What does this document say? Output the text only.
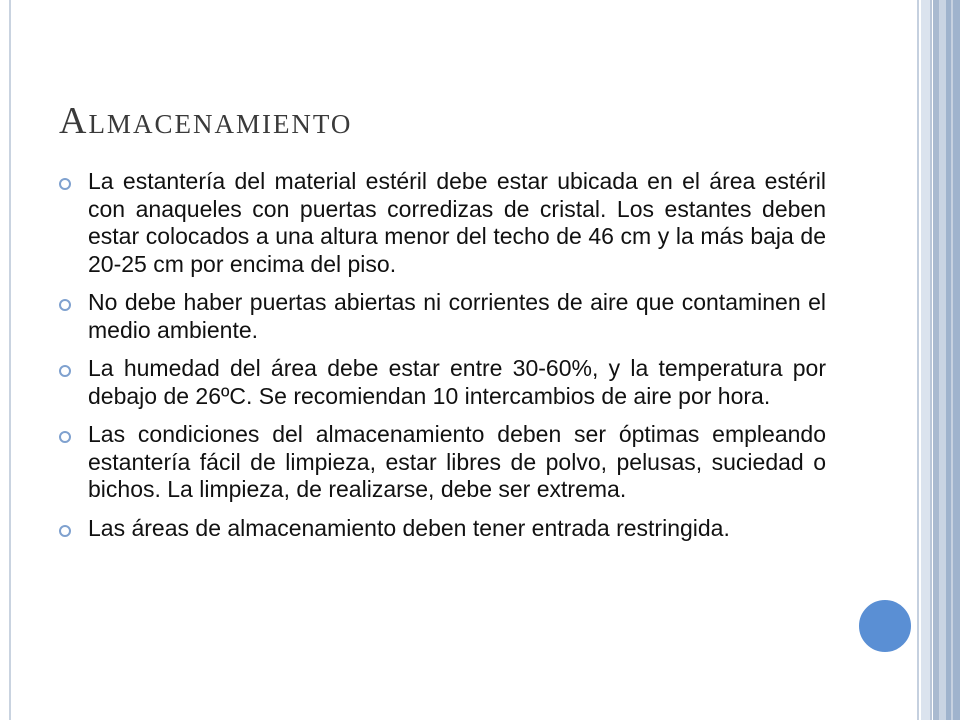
Almacenamiento
La estantería del material estéril debe estar ubicada en el área estéril con anaqueles con puertas corredizas de cristal. Los estantes deben estar colocados a una altura menor del techo de 46 cm y la más baja de 20-25 cm por encima del piso.
No debe haber puertas abiertas ni corrientes de aire que contaminen el medio ambiente.
La humedad del área debe estar entre 30-60%, y la temperatura por debajo de 26ºC. Se recomiendan 10 intercambios de aire por hora.
Las condiciones del almacenamiento deben ser óptimas empleando estantería fácil de limpieza, estar libres de polvo, pelusas, suciedad o bichos. La limpieza, de realizarse, debe ser extrema.
Las áreas de almacenamiento deben tener entrada restringida.
